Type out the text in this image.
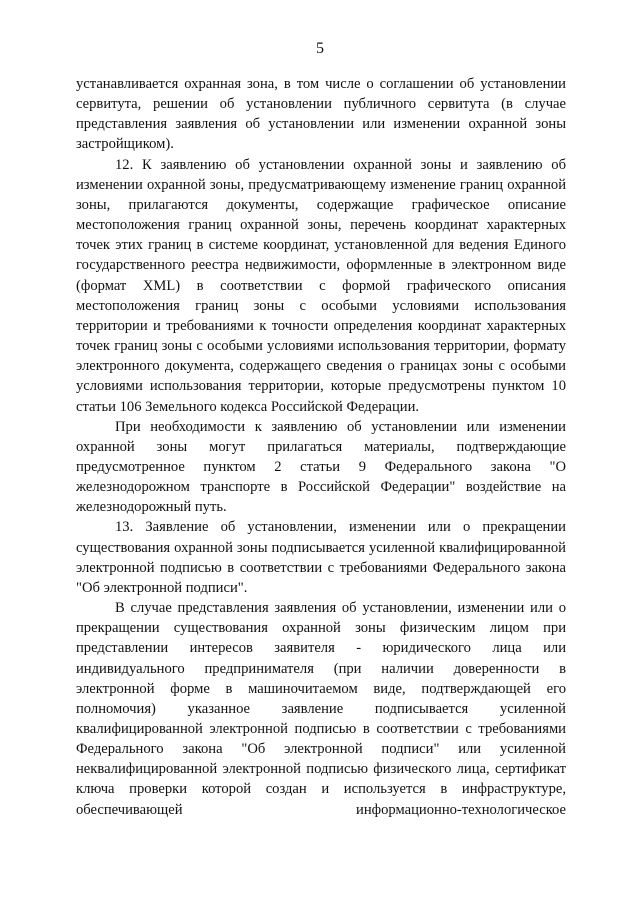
5

устанавливается охранная зона, в том числе о соглашении об установлении сервитута, решении об установлении публичного сервитута (в случае представления заявления об установлении или изменении охранной зоны застройщиком).

12. К заявлению об установлении охранной зоны и заявлению об изменении охранной зоны, предусматривающему изменение границ охранной зоны, прилагаются документы, содержащие графическое описание местоположения границ охранной зоны, перечень координат характерных точек этих границ в системе координат, установленной для ведения Единого государственного реестра недвижимости, оформленные в электронном виде (формат XML) в соответствии с формой графического описания местоположения границ зоны с особыми условиями использования территории и требованиями к точности определения координат характерных точек границ зоны с особыми условиями использования территории, формату электронного документа, содержащего сведения о границах зоны с особыми условиями использования территории, которые предусмотрены пунктом 10 статьи 106 Земельного кодекса Российской Федерации.

При необходимости к заявлению об установлении или изменении охранной зоны могут прилагаться материалы, подтверждающие предусмотренное пунктом 2 статьи 9 Федерального закона "О железнодорожном транспорте в Российской Федерации" воздействие на железнодорожный путь.

13. Заявление об установлении, изменении или о прекращении существования охранной зоны подписывается усиленной квалифицированной электронной подписью в соответствии с требованиями Федерального закона "Об электронной подписи".

В случае представления заявления об установлении, изменении или о прекращении существования охранной зоны физическим лицом при представлении интересов заявителя - юридического лица или индивидуального предпринимателя (при наличии доверенности в электронной форме в машиночитаемом виде, подтверждающей его полномочия) указанное заявление подписывается усиленной квалифицированной электронной подписью в соответствии с требованиями Федерального закона "Об электронной подписи" или усиленной неквалифицированной электронной подписью физического лица, сертификат ключа проверки которой создан и используется в инфраструктуре, обеспечивающей информационно-технологическое
